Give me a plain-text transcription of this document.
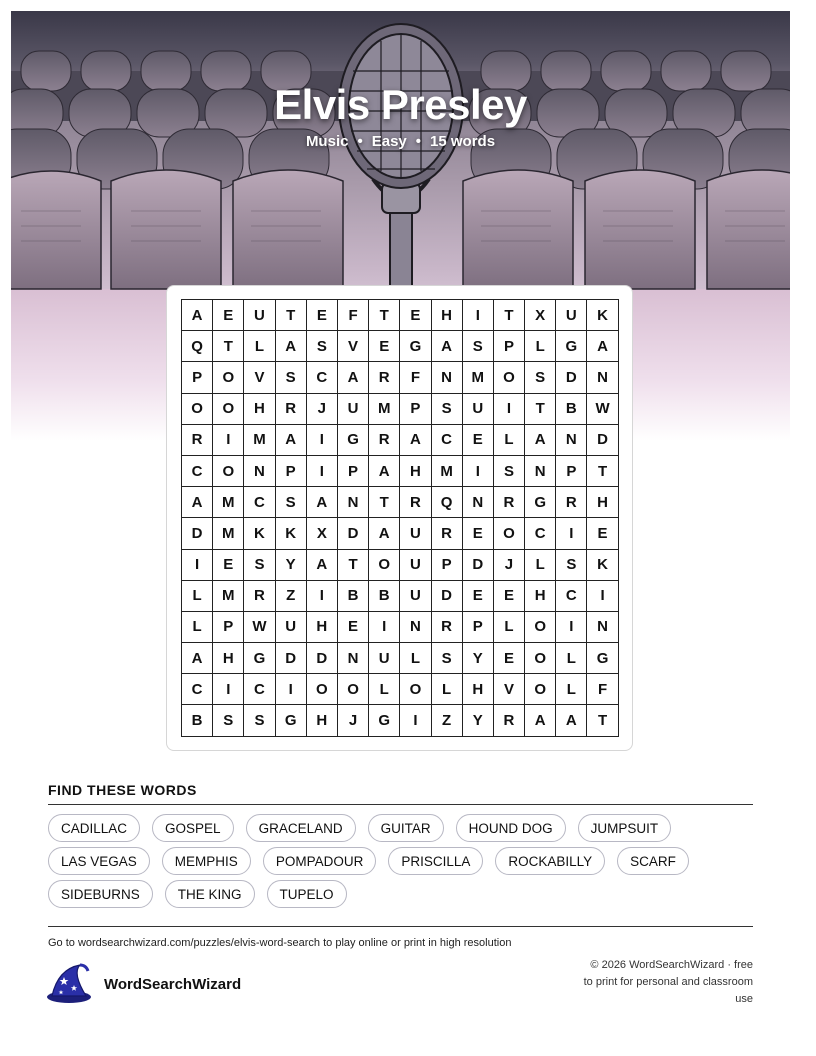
Elvis Presley
Music • Easy • 15 words
A	E	U	T	E	F	T	E	H	I	T	X	U	K
Q	T	L	A	S	V	E	G	A	S	P	L	G	A
P	O	V	S	C	A	R	F	N	M	O	S	D	N
O	O	H	R	J	U	M	P	S	U	I	T	B	W
R	I	M	A	I	G	R	A	C	E	L	A	N	D
C	O	N	P	I	P	A	H	M	I	S	N	P	T
A	M	C	S	A	N	T	R	Q	N	R	G	R	H
D	M	K	K	X	D	A	U	R	E	O	C	I	E
I	E	S	Y	A	T	O	U	P	D	J	L	S	K
L	M	R	Z	I	B	B	U	D	E	E	H	C	I
L	P	W	U	H	E	I	N	R	P	L	O	I	N
A	H	G	D	D	N	U	L	S	Y	E	O	L	G
C	I	C	I	O	O	L	O	L	H	V	O	L	F
B	S	S	G	H	J	G	I	Z	Y	R	A	A	T
FIND THESE WORDS
CADILLAC	GOSPEL	GRACELAND	GUITAR	HOUND DOG	JUMPSUIT
LAS VEGAS	MEMPHIS	POMPADOUR	PRISCILLA	ROCKABILLY	SCARF
SIDEBURNS	THE KING	TUPELO
Go to wordsearchwizard.com/puzzles/elvis-word-search to play online or print in high resolution
WordSearchWizard
© 2026 WordSearchWizard · free to print for personal and classroom use
